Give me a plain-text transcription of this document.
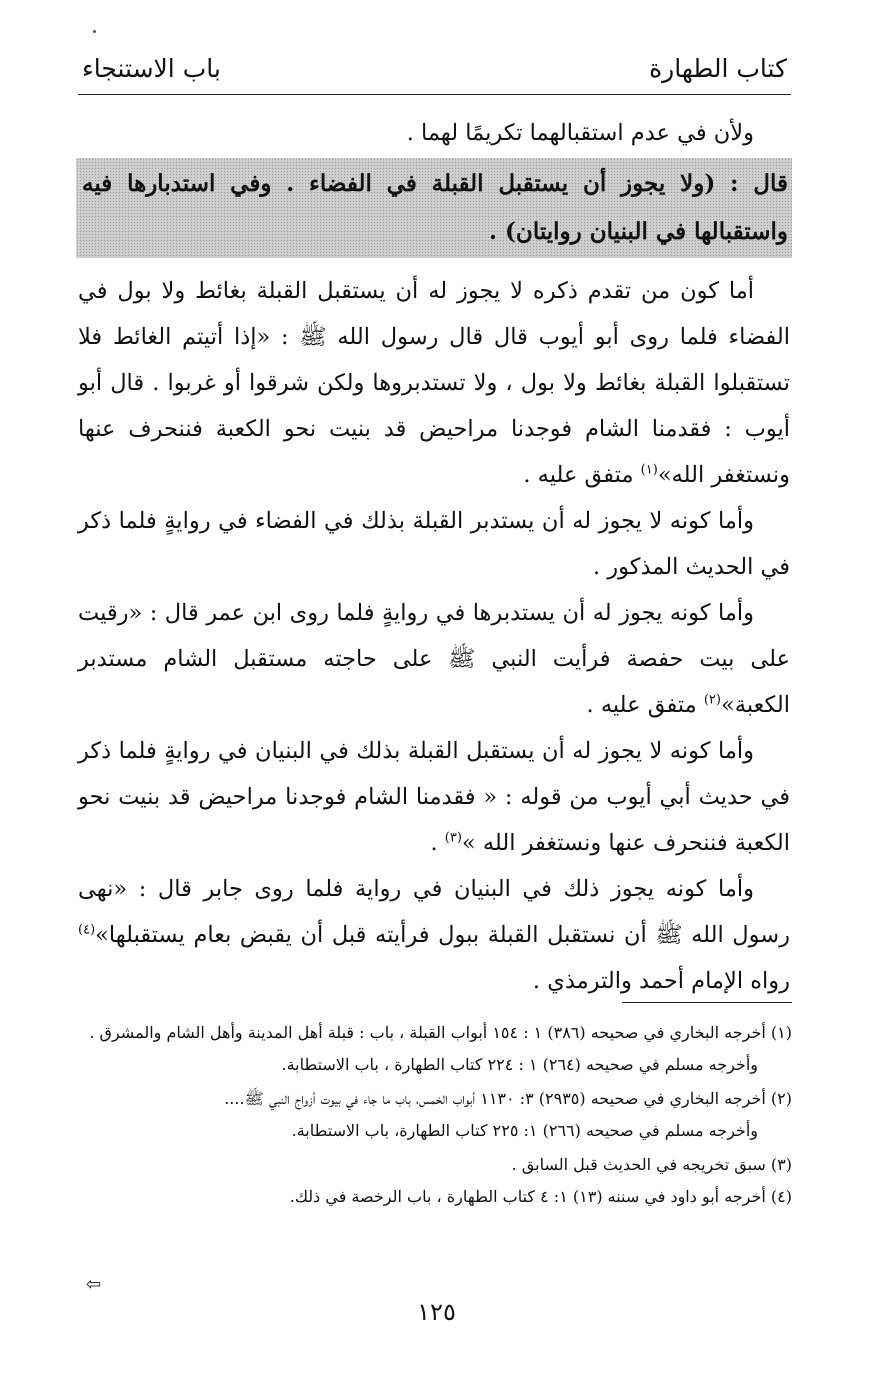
كتاب الطهارة
باب الاستنجاء

ولأن في عدم استقبالهما تكريمًا لهما .

قال : (ولا يجوز أن يستقبل القبلة في الفضاء . وفي استدبارها فيه واستقبالها في البنيان روايتان) .

أما كون من تقدم ذكره لا يجوز له أن يستقبل القبلة بغائط ولا بول في الفضاء فلما روى أبو أيوب قال قال رسول الله ﷺ : «إذا أتيتم الغائط فلا تستقبلوا القبلة بغائط ولا بول ، ولا تستدبروها ولكن شرقوا أو غربوا . قال أبو أيوب : فقدمنا الشام فوجدنا مراحيض قد بنيت نحو الكعبة فننحرف عنها ونستغفر الله»$^{(١)}$ متفق عليه .

وأما كونه لا يجوز له أن يستدبر القبلة بذلك في الفضاء في روايةٍ فلما ذكر في الحديث المذكور .

وأما كونه يجوز له أن يستدبرها في روايةٍ فلما روى ابن عمر قال : «رقيت على بيت حفصة فرأيت النبي ﷺ على حاجته مستقبل الشام مستدبر الكعبة»$^{(٢)}$ متفق عليه .

وأما كونه لا يجوز له أن يستقبل القبلة بذلك في البنيان في روايةٍ فلما ذكر في حديث أبي أيوب من قوله : « فقدمنا الشام فوجدنا مراحيض قد بنيت نحو الكعبة فننحرف عنها ونستغفر الله »$^{(٣)}$ .

وأما كونه يجوز ذلك في البنيان في رواية فلما روى جابر قال : «نهى رسول الله ﷺ أن نستقبل القبلة ببول فرأيته قبل أن يقبض بعام يستقبلها»$^{(٤)}$ رواه الإمام أحمد والترمذي .

(١) أخرجه البخاري في صحيحه (٣٨٦) ١ : ١٥٤ أبواب القبلة ، باب : قبلة أهل المدينة وأهل الشام والمشرق .

وأخرجه مسلم في صحيحه (٢٦٤) ١ : ٢٢٤ كتاب الطهارة ، باب الاستطابة.

(٢) أخرجه البخاري في صحيحه (٢٩٣٥) ٣: ١١٣٠ أبواب الخمس، باب ما جاء في بيوت أزواج النبي ﷺ....

وأخرجه مسلم في صحيحه (٢٦٦) ١: ٢٢٥ كتاب الطهارة، باب الاستطابة.

(٣) سبق تخريجه في الحديث قبل السابق .

(٤) أخرجه أبو داود في سننه (١٣) ١: ٤ كتاب الطهارة ، باب الرخصة في ذلك.

⇦
١٢٥
